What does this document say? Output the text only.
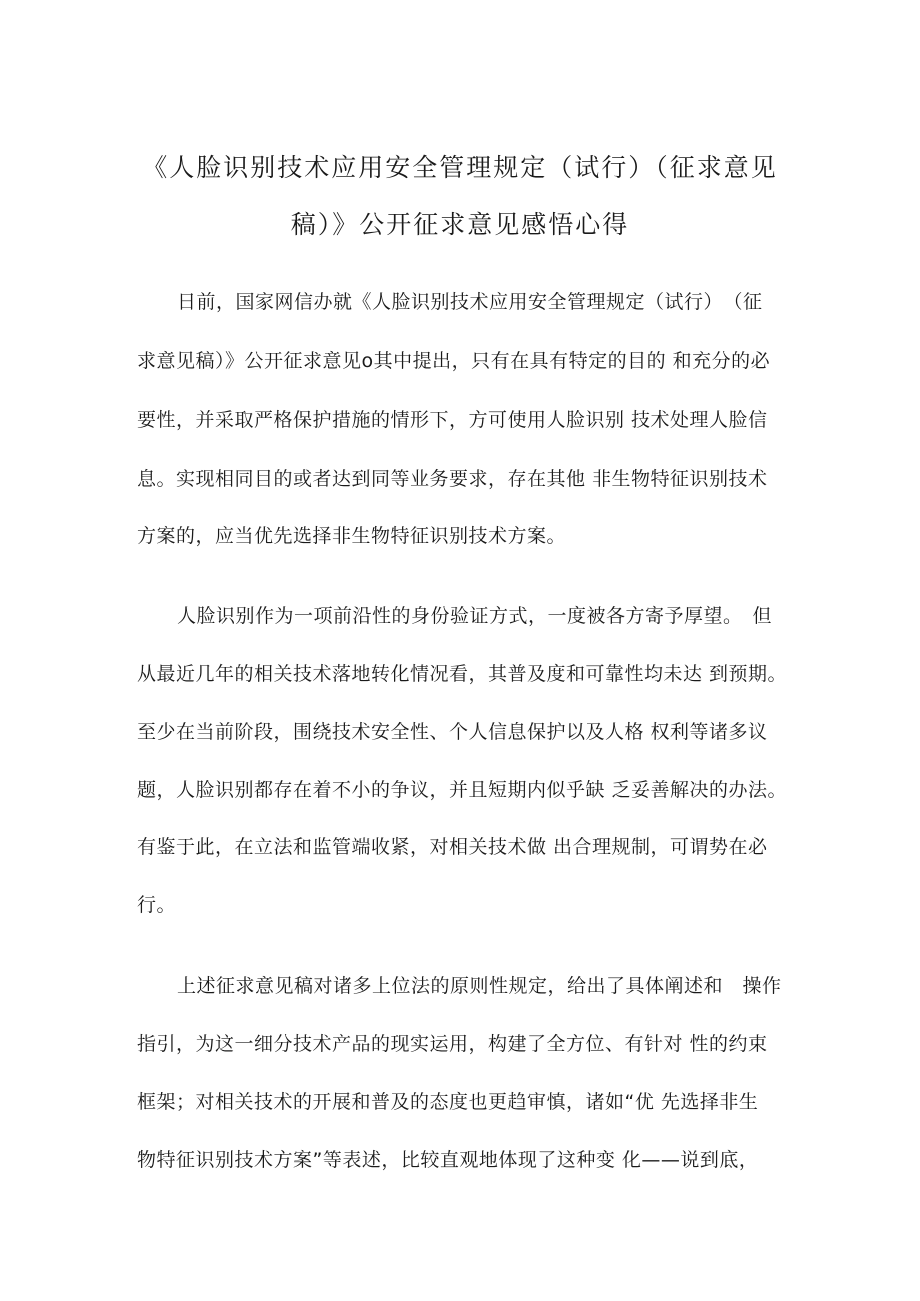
《人脸识别技术应用安全管理规定（试行）（征求意见
稿）》公开征求意见感悟心得
日前，国家网信办就《人脸识别技术应用安全管理规定（试行）　（征
求意见稿）》公开征求意见o其中提出，只有在具有特定的目的 和充分的必
要性，并采取严格保护措施的情形下，方可使用人脸识别 技术处理人脸信
息。实现相同目的或者达到同等业务要求，存在其他 非生物特征识别技术
方案的，应当优先选择非生物特征识别技术方案。
人脸识别作为一项前沿性的身份验证方式，一度被各方寄予厚望。　但
从最近几年的相关技术落地转化情况看，其普及度和可靠性均未达 到预期。
至少在当前阶段，围绕技术安全性、个人信息保护以及人格 权利等诸多议
题，人脸识别都存在着不小的争议，并且短期内似乎缺 乏妥善解决的办法。
有鉴于此，在立法和监管端收紧，对相关技术做 出合理规制，可谓势在必
行。
上述征求意见稿对诸多上位法的原则性规定，给出了具体阐述和　操作
指引，为这一细分技术产品的现实运用，构建了全方位、有针对 性的约束
框架；对相关技术的开展和普及的态度也更趋审慎，诸如“优 先选择非生
物特征识别技术方案”等表述，比较直观地体现了这种变 化——说到底，
